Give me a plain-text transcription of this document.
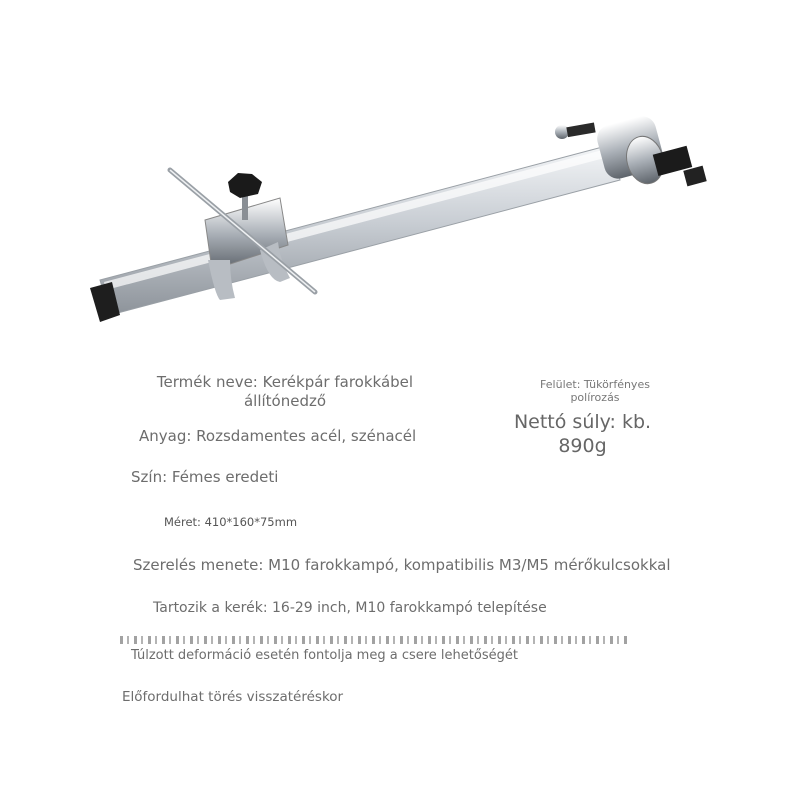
Termék neve: Kerékpár farokkábel állítónedző
Felület: Tükörfényes polírozás
Nettó súly: kb. 890g
Anyag: Rozsdamentes acél, szénacél
Szín: Fémes eredeti
Méret: 410*160*75mm
Szerelés menete: M10 farokkampó, kompatibilis M3/M5 mérőkulcsokkal
Tartozik a kerék: 16-29 inch, M10 farokkampó telepítése
Túlzott deformáció esetén fontolja meg a csere lehetőségét
Előfordulhat törés visszatéréskor
